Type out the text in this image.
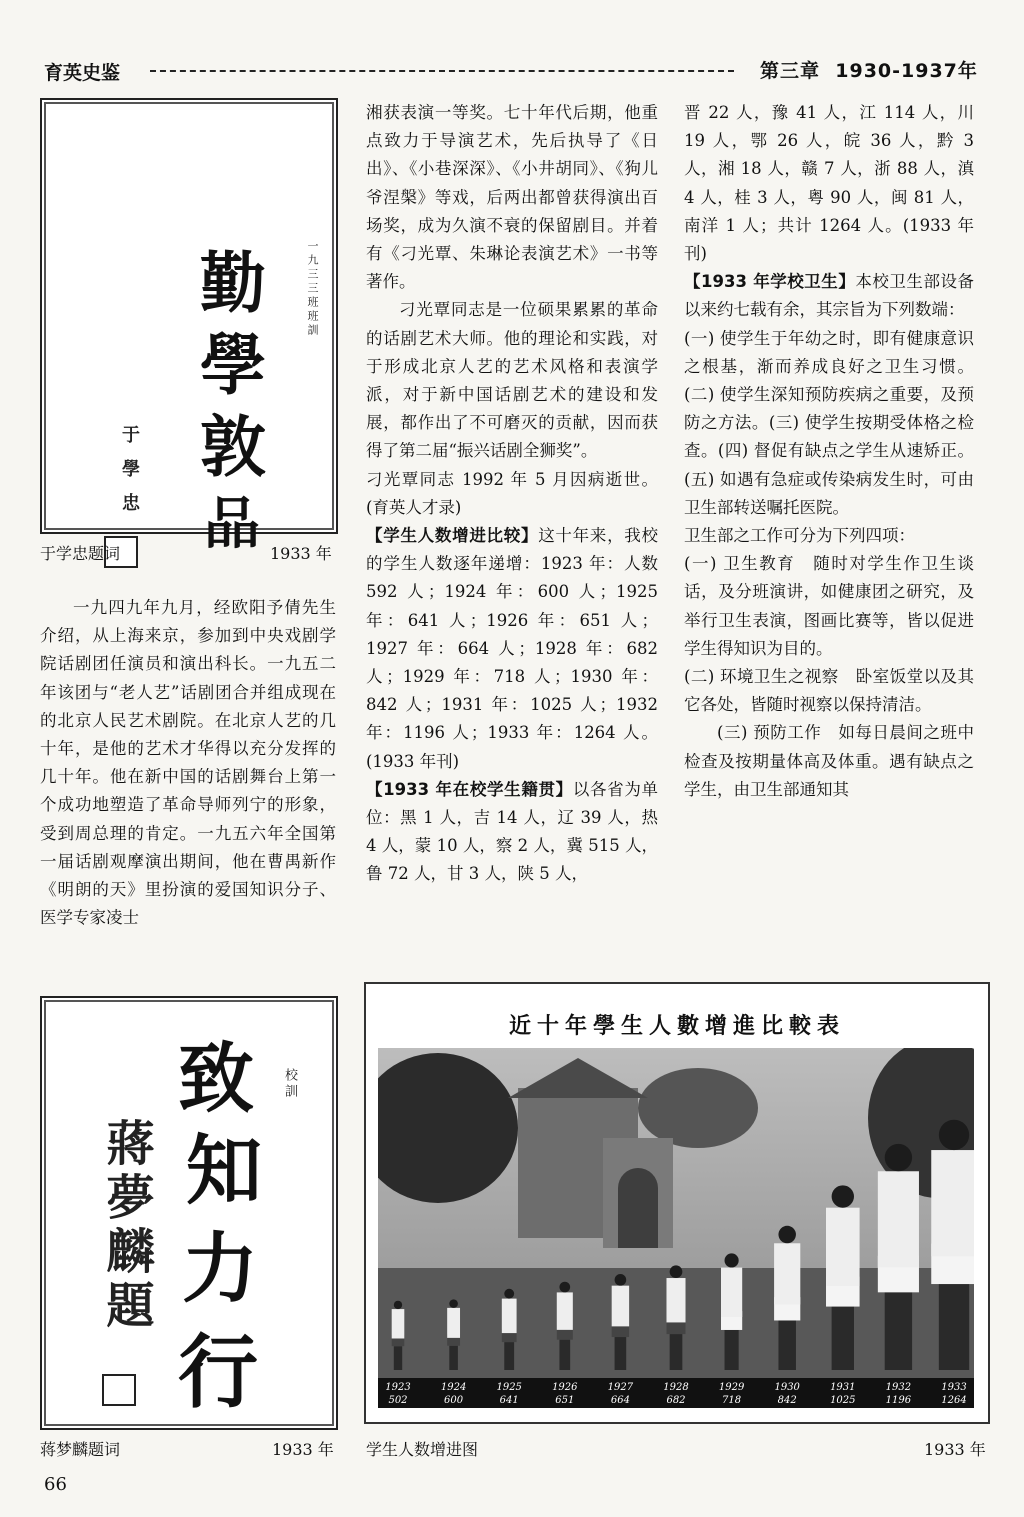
育英史鉴	第三章 1930-1937年
勤
學
敦
品
一九三三班班訓
于學忠
于学忠题词	1933 年

一九四九年九月，经欧阳予倩先生介绍，从上海来京，参加到中央戏剧学院话剧团任演员和演出科长。一九五二年该团与“老人艺”话剧团合并组成现在的北京人民艺术剧院。在北京人艺的几十年，是他的艺术才华得以充分发挥的几十年。他在新中国的话剧舞台上第一个成功地塑造了革命导师列宁的形象，受到周总理的肯定。一九五六年全国第一届话剧观摩演出期间，他在曹禺新作《明朗的天》里扮演的爱国知识分子、医学专家凌士

致
知
力
行
校訓
蔣夢麟題
蒋梦麟题词	1933 年

湘获表演一等奖。七十年代后期，他重点致力于导演艺术，先后执导了《日出》、《小巷深深》、《小井胡同》、《狗儿爷涅槃》等戏，后两出都曾获得演出百场奖，成为久演不衰的保留剧目。并着有《刁光覃、朱琳论表演艺术》一书等著作。

刁光覃同志是一位硕果累累的革命的话剧艺术大师。他的理论和实践，对于形成北京人艺的艺术风格和表演学派，对于新中国话剧艺术的建设和发展，都作出了不可磨灭的贡献，因而获得了第二届“振兴话剧全狮奖”。

刁光覃同志 1992 年 5 月因病逝世。(育英人才录)

【学生人数增进比较】这十年来，我校的学生人数逐年递增：1923 年：人数 592 人；1924 年：600 人；1925 年：641 人；1926 年：651 人；1927 年：664 人；1928 年：682 人；1929 年：718 人；1930 年：842 人；1931 年：1025 人；1932 年：1196 人；1933 年：1264 人。(1933 年刊)

【1933 年在校学生籍贯】以各省为单位：黑 1 人，吉 14 人，辽 39 人，热 4 人，蒙 10 人，察 2 人，冀 515 人，鲁 72 人，甘 3 人，陕 5 人，

晋 22 人，豫 41 人，江 114 人，川 19 人，鄂 26 人，皖 36 人，黔 3 人，湘 18 人，赣 7 人，浙 88 人，滇 4 人，桂 3 人，粤 90 人，闽 81 人，南洋 1 人；共计 1264 人。(1933 年刊)

【1933 年学校卫生】本校卫生部设备以来约七载有余，其宗旨为下列数端：

(一) 使学生于年幼之时，即有健康意识之根基，渐而养成良好之卫生习惯。(二) 使学生深知预防疾病之重要，及预防之方法。(三) 使学生按期受体格之检查。(四) 督促有缺点之学生从速矫正。(五) 如遇有急症或传染病发生时，可由卫生部转送嘱托医院。

卫生部之工作可分为下列四项：

(一) 卫生教育　随时对学生作卫生谈话，及分班演讲，如健康团之研究，及举行卫生表演，图画比赛等，皆以促进学生得知识为目的。

(二) 环境卫生之视察　卧室饭堂以及其它各处，皆随时视察以保持清洁。

(三) 预防工作　如每日晨间之班中检查及按期量体高及体重。遇有缺点之学生，由卫生部通知其

近十年學生人數增進比較表
1923
502
1924
600
1925
641
1926
651
1927
664
1928
682
1929
718
1930
842
1931
1025
1932
1196
1933
1264
学生人数增进图	1933 年
66
